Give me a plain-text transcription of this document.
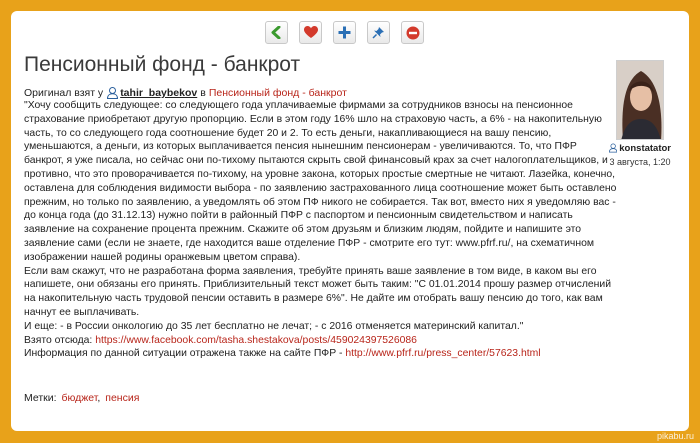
Пенсионный фонд - банкрот
Оригинал взят у tahir_baybekov в Пенсионный фонд - банкрот

"Хочу сообщить следующее: со следующего года уплачиваемые фирмами за сотрудников взносы на пенсионное страхование приобретают другую пропорцию. Если в этом году 16% шло на страховую часть, а 6% - на накопительную часть, то со следующего года соотношение будет 20 и 2. То есть деньги, накапливающиеся на вашу пенсию, уменьшаются, а деньги, из которых выплачивается пенсия нынешним пенсионерам - увеличиваются. То, что ПФР банкрот, я уже писала, но сейчас они по-тихому пытаются скрыть свой финансовый крах за счет налогоплательщиков, и противно, что это проворачивается по-тихому, на уровне закона, которых простые смертные не читают. Лазейка, конечно, оставлена для соблюдения видимости выбора - по заявлению застрахованного лица соотношение может быть оставлено прежним, но только по заявлению, а уведомлять об этом ПФ никого не собирается. Так вот, вместо них я уведомляю вас - до конца года (до 31.12.13) нужно пойти в районный ПФР с паспортом и пенсионным свидетельством и написать заявление на сохранение процента прежним. Скажите об этом друзьям и близким людям, пойдите и напишите это заявление сами (если не знаете, где находится ваше отделение ПФР - смотрите его тут: www.pfrf.ru/, на схематичном изображении нашей родины оранжевым цветом справа).

Если вам скажут, что не разработана форма заявления, требуйте принять ваше заявление в том виде, в каком вы его напишете, они обязаны его принять. Приблизительный текст может быть таким: "С 01.01.2014 прошу размер отчислений на накопительную часть трудовой пенсии оставить в размере 6%". Не дайте им отобрать вашу пенсию до того, как вам начнут ее выплачивать.

И еще: - в России онкологию до 35 лет бесплатно не лечат; - с 2016 отменяется материнский капитал."

Взято отсюда: https://www.facebook.com/tasha.shestakova/posts/459024397526086

Информация по данной ситуации отражена также на сайте ПФР - http://www.pfrf.ru/press_center/57623.html

Метки: бюджет, пенсия
konstatator
3 августа, 1:20
pikabu.ru
